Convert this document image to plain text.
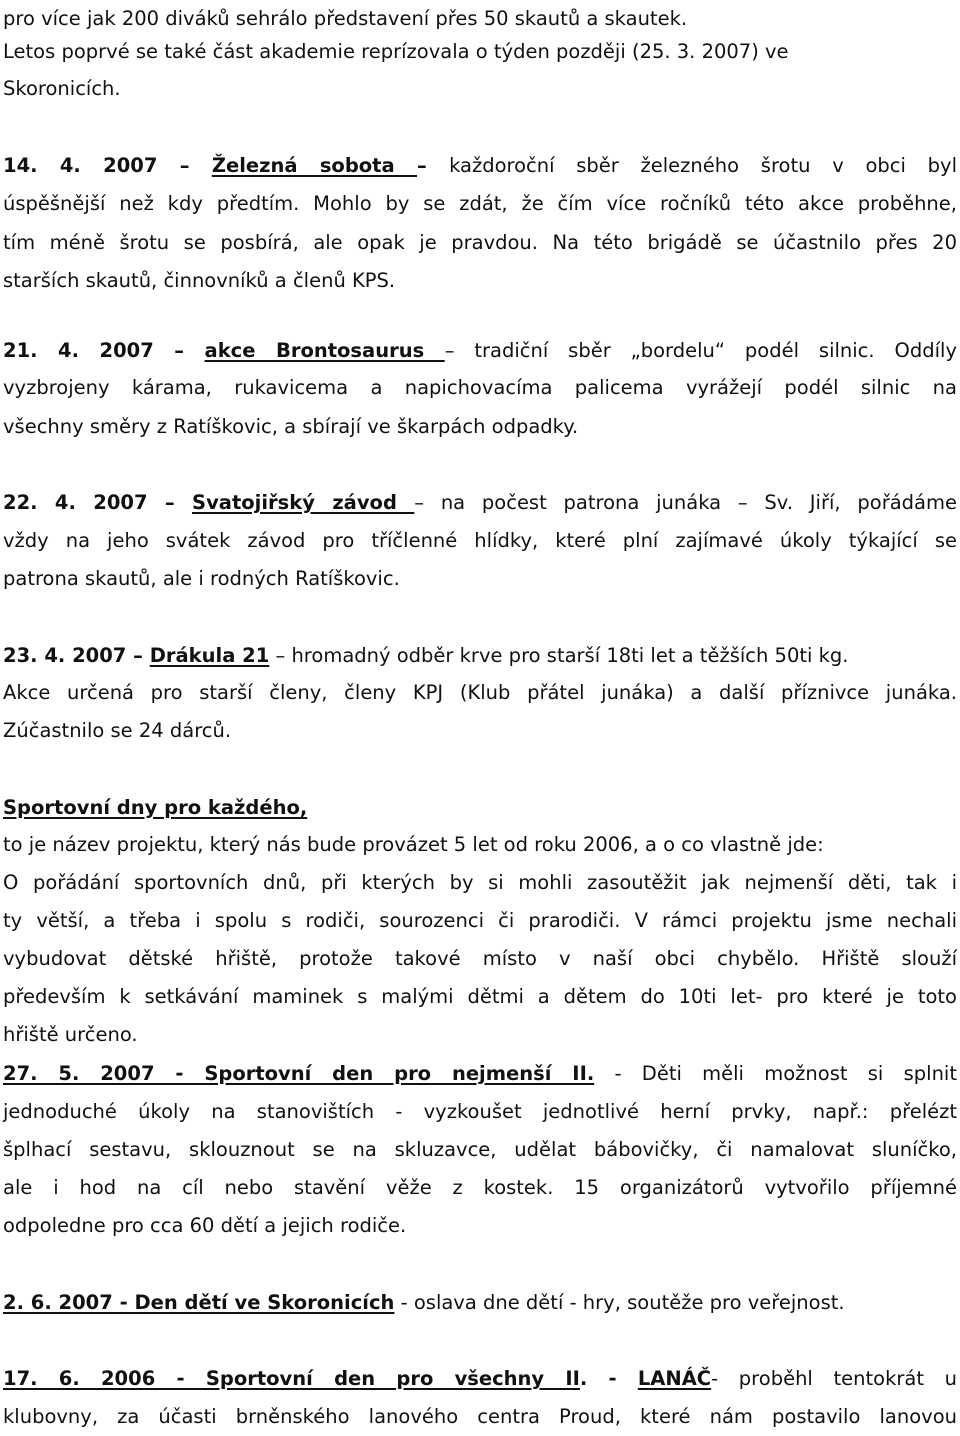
pro více jak 200 diváků sehrálo představení přes 50 skautů a skautek.
Letos poprvé se také část akademie reprízovala o týden později (25. 3. 2007) ve
Skoronicích.
14. 4. 2007 – Železná sobota – každoroční sběr železného šrotu v obci byl
úspěšnější než kdy předtím. Mohlo by se zdát, že čím více ročníků této akce proběhne,
tím méně šrotu se posbírá, ale opak je pravdou. Na této brigádě se účastnilo přes 20
starších skautů, činnovníků a členů KPS.
21. 4. 2007 – akce Brontosaurus – tradiční sběr „bordelu“ podél silnic. Oddíly
vyzbrojeny kárama, rukavicema a napichovacíma palicema vyrážejí podél silnic na
všechny směry z Ratíškovic, a sbírají ve škarpách odpadky.
22. 4. 2007 – Svatojiřský závod – na počest patrona junáka – Sv. Jiří, pořádáme
vždy na jeho svátek závod pro tříčlenné hlídky, které plní zajímavé úkoly týkající se
patrona skautů, ale i rodných Ratíškovic.
23. 4. 2007 – Drákula 21 – hromadný odběr krve pro starší 18ti let a těžších 50ti kg.
Akce určená pro starší členy, členy KPJ (Klub přátel junáka) a další příznivce junáka.
Zúčastnilo se 24 dárců.
Sportovní dny pro každého,
to je název projektu, který nás bude provázet 5 let od roku 2006, a o co vlastně jde:
O pořádání sportovních dnů, při kterých by si mohli zasoutěžit jak nejmenší děti, tak i
ty větší, a třeba i spolu s rodiči, sourozenci či prarodiči. V rámci projektu jsme nechali
vybudovat dětské hřiště, protože takové místo v naší obci chybělo. Hřiště slouží
především k setkávání maminek s malými dětmi a dětem do 10ti let- pro které je toto
hřiště určeno.
27. 5. 2007 - Sportovní den pro nejmenší II. - Děti měli možnost si splnit
jednoduché úkoly na stanovištích - vyzkoušet jednotlivé herní prvky, např.: přelézt
šplhací sestavu, sklouznout se na skluzavce, udělat bábovičky, či namalovat sluníčko,
ale i hod na cíl nebo stavění věže z kostek. 15 organizátorů vytvořilo příjemné
odpoledne pro cca 60 dětí a jejich rodiče.
2. 6. 2007 - Den dětí ve Skoronicích - oslava dne dětí - hry, soutěže pro veřejnost.
17. 6. 2006 - Sportovní den pro všechny II. - LANÁČ- proběhl tentokrát u
klubovny, za účasti brněnského lanového centra Proud, které nám postavilo lanovou
